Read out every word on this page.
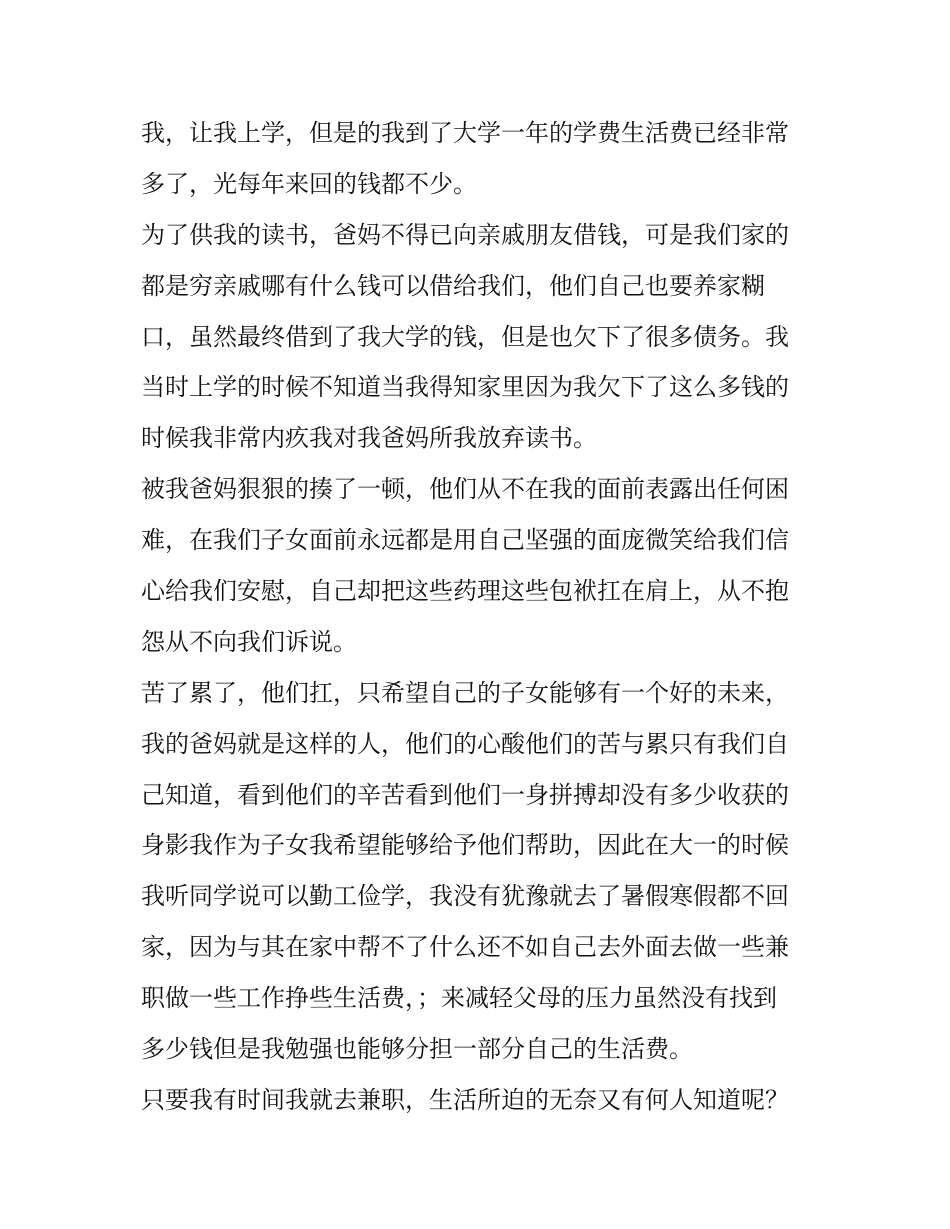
我，让我上学，但是的我到了大学一年的学费生活费已经非常
多了，光每年来回的钱都不少。
为了供我的读书，爸妈不得已向亲戚朋友借钱，可是我们家的
都是穷亲戚哪有什么钱可以借给我们，他们自己也要养家糊
口，虽然最终借到了我大学的钱，但是也欠下了很多债务。我
当时上学的时候不知道当我得知家里因为我欠下了这么多钱的
时候我非常内疚我对我爸妈所我放弃读书。
被我爸妈狠狠的揍了一顿，他们从不在我的面前表露出任何困
难，在我们子女面前永远都是用自己坚强的面庞微笑给我们信
心给我们安慰，自己却把这些药理这些包袱扛在肩上，从不抱
怨从不向我们诉说。
苦了累了，他们扛，只希望自己的子女能够有一个好的未来，
我的爸妈就是这样的人，他们的心酸他们的苦与累只有我们自
己知道，看到他们的辛苦看到他们一身拼搏却没有多少收获的
身影我作为子女我希望能够给予他们帮助，因此在大一的时候
我听同学说可以勤工俭学，我没有犹豫就去了暑假寒假都不回
家，因为与其在家中帮不了什么还不如自己去外面去做一些兼
职做一些工作挣些生活费，；来减轻父母的压力虽然没有找到
多少钱但是我勉强也能够分担一部分自己的生活费。
只要我有时间我就去兼职，生活所迫的无奈又有何人知道呢？
